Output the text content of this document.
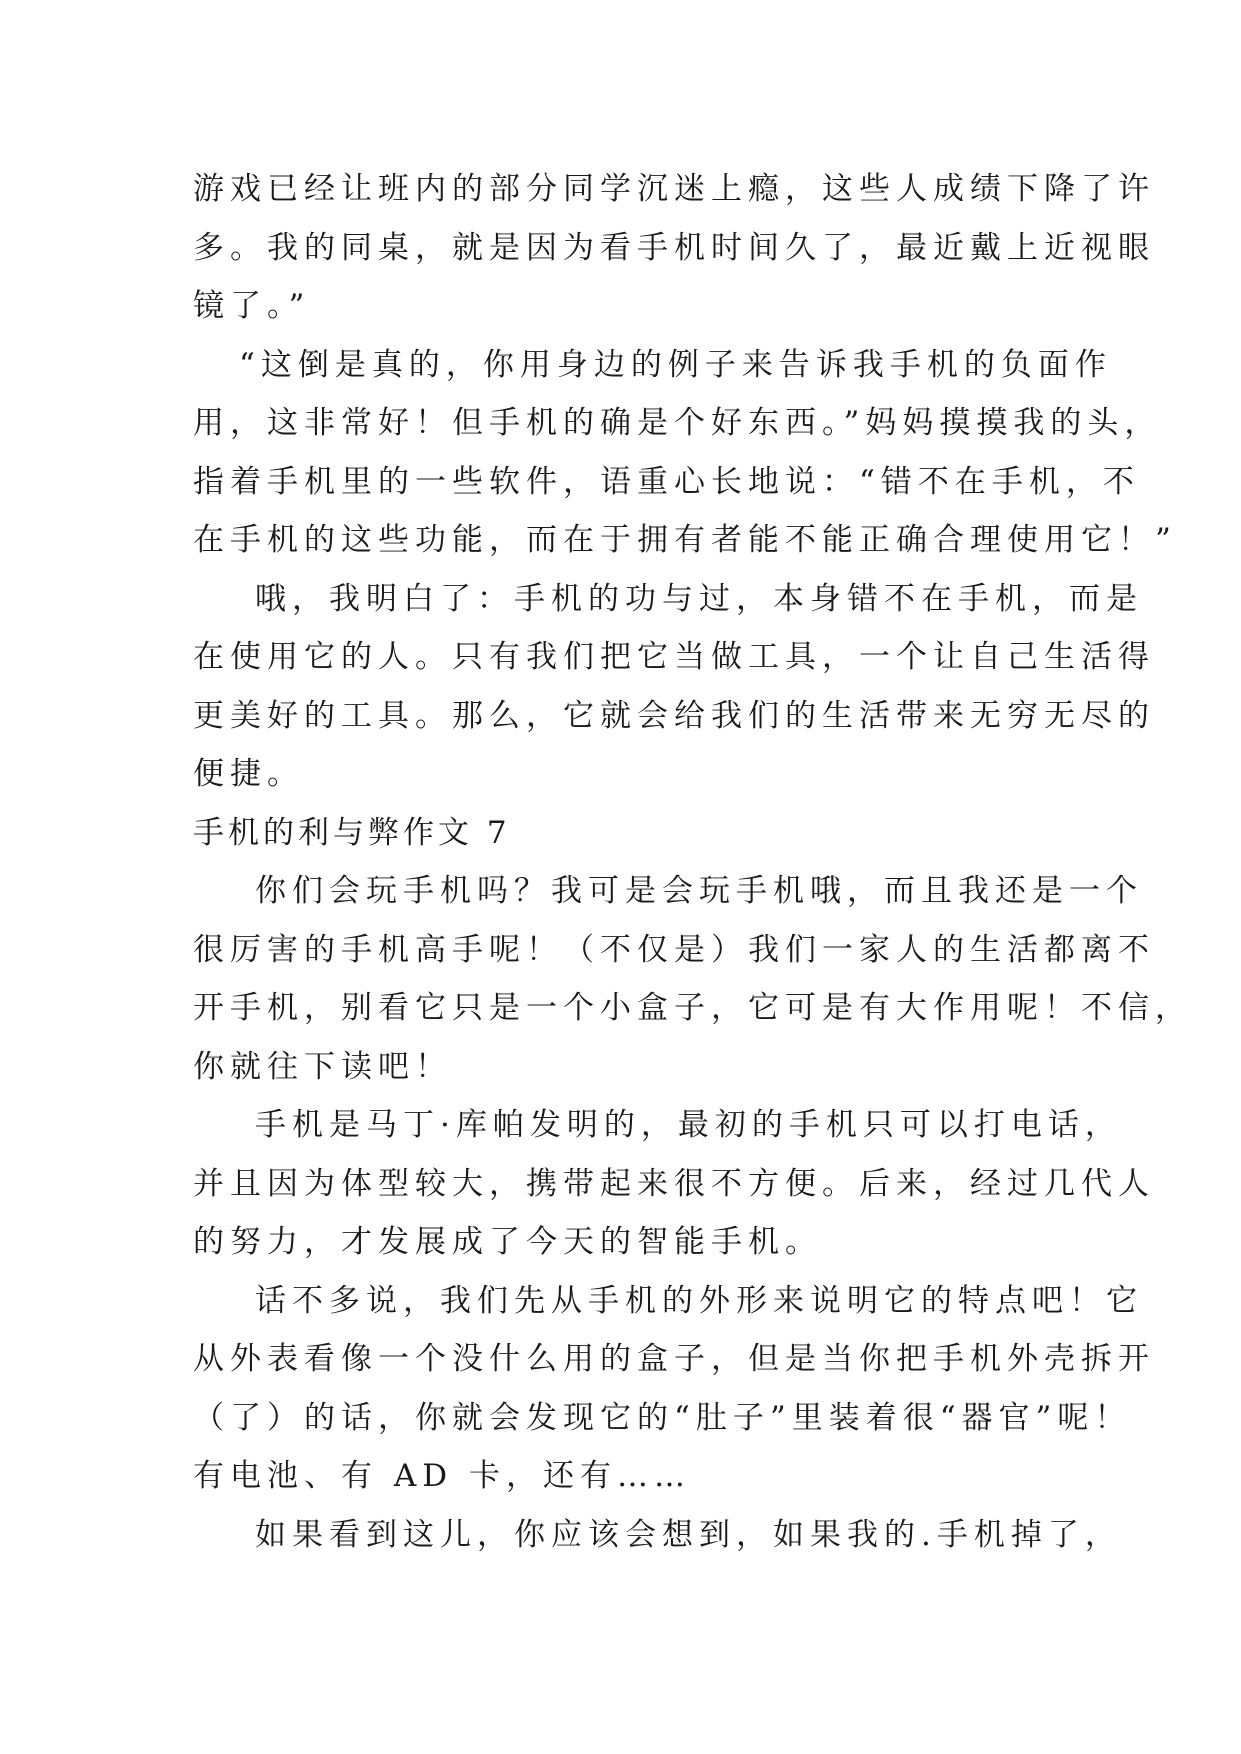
游戏已经让班内的部分同学沉迷上瘾，这些人成绩下降了许
多。我的同桌，就是因为看手机时间久了，最近戴上近视眼
镜了。”
“这倒是真的，你用身边的例子来告诉我手机的负面作
用，这非常好！但手机的确是个好东西。”妈妈摸摸我的头，
指着手机里的一些软件，语重心长地说：“错不在手机，不
在手机的这些功能，而在于拥有者能不能正确合理使用它！”
哦，我明白了：手机的功与过，本身错不在手机，而是
在使用它的人。只有我们把它当做工具，一个让自己生活得
更美好的工具。那么，它就会给我们的生活带来无穷无尽的
便捷。
手机的利与弊作文 7
你们会玩手机吗？我可是会玩手机哦，而且我还是一个
很厉害的手机高手呢！（不仅是）我们一家人的生活都离不
开手机，别看它只是一个小盒子，它可是有大作用呢！不信，
你就往下读吧！
手机是马丁·库帕发明的，最初的手机只可以打电话，
并且因为体型较大，携带起来很不方便。后来，经过几代人
的努力，才发展成了今天的智能手机。
话不多说，我们先从手机的外形来说明它的特点吧！它
从外表看像一个没什么用的盒子，但是当你把手机外壳拆开
（了）的话，你就会发现它的“肚子”里装着很“器官”呢！
有电池、有 AD 卡，还有……
如果看到这儿，你应该会想到，如果我的.手机掉了，
